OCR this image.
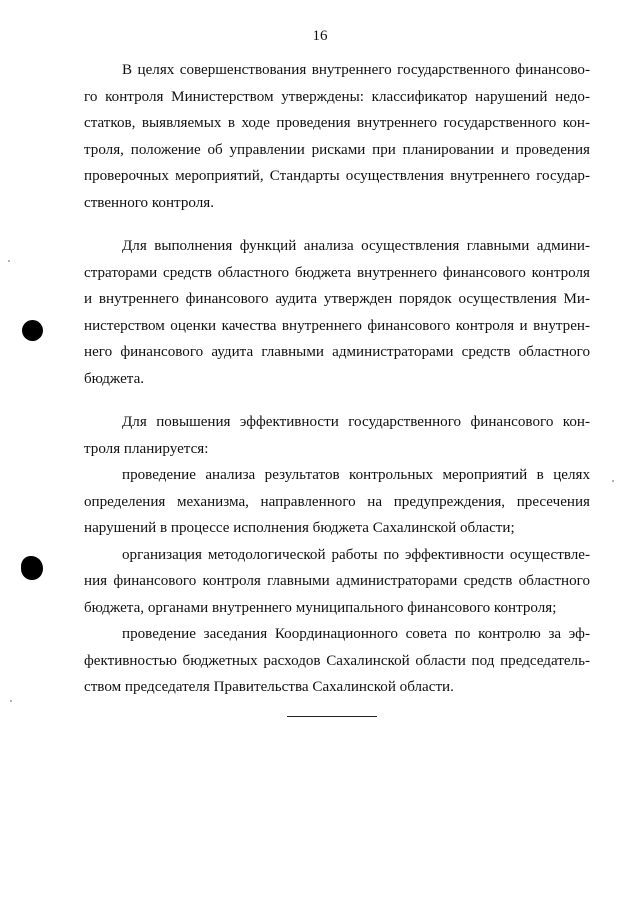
16

В целях совершенствования внутреннего государственного финансово-
го контроля Министерством утверждены: классификатор нарушений недо-
статков, выявляемых в ходе проведения внутреннего государственного кон-
троля, положение об управлении рисками при планировании и проведения
проверочных мероприятий, Стандарты осуществления внутреннего государ-
ственного контроля.

Для выполнения функций анализа осуществления главными админи-
страторами средств областного бюджета внутреннего финансового контроля
и внутреннего финансового аудита утвержден порядок осуществления Ми-
нистерством оценки качества внутреннего финансового контроля и внутрен-
него финансового аудита главными администраторами средств областного
бюджета.

Для повышения эффективности государственного финансового кон-
троля планируется:

проведение анализа результатов контрольных мероприятий в целях
определения механизма, направленного на предупреждения, пресечения
нарушений в процессе исполнения бюджета Сахалинской области;

организация методологической работы по эффективности осуществле-
ния финансового контроля главными администраторами средств областного
бюджета, органами внутреннего муниципального финансового контроля;

проведение заседания Координационного совета по контролю за эф-
фективностью бюджетных расходов Сахалинской области под председатель-
ством председателя Правительства Сахалинской области.
